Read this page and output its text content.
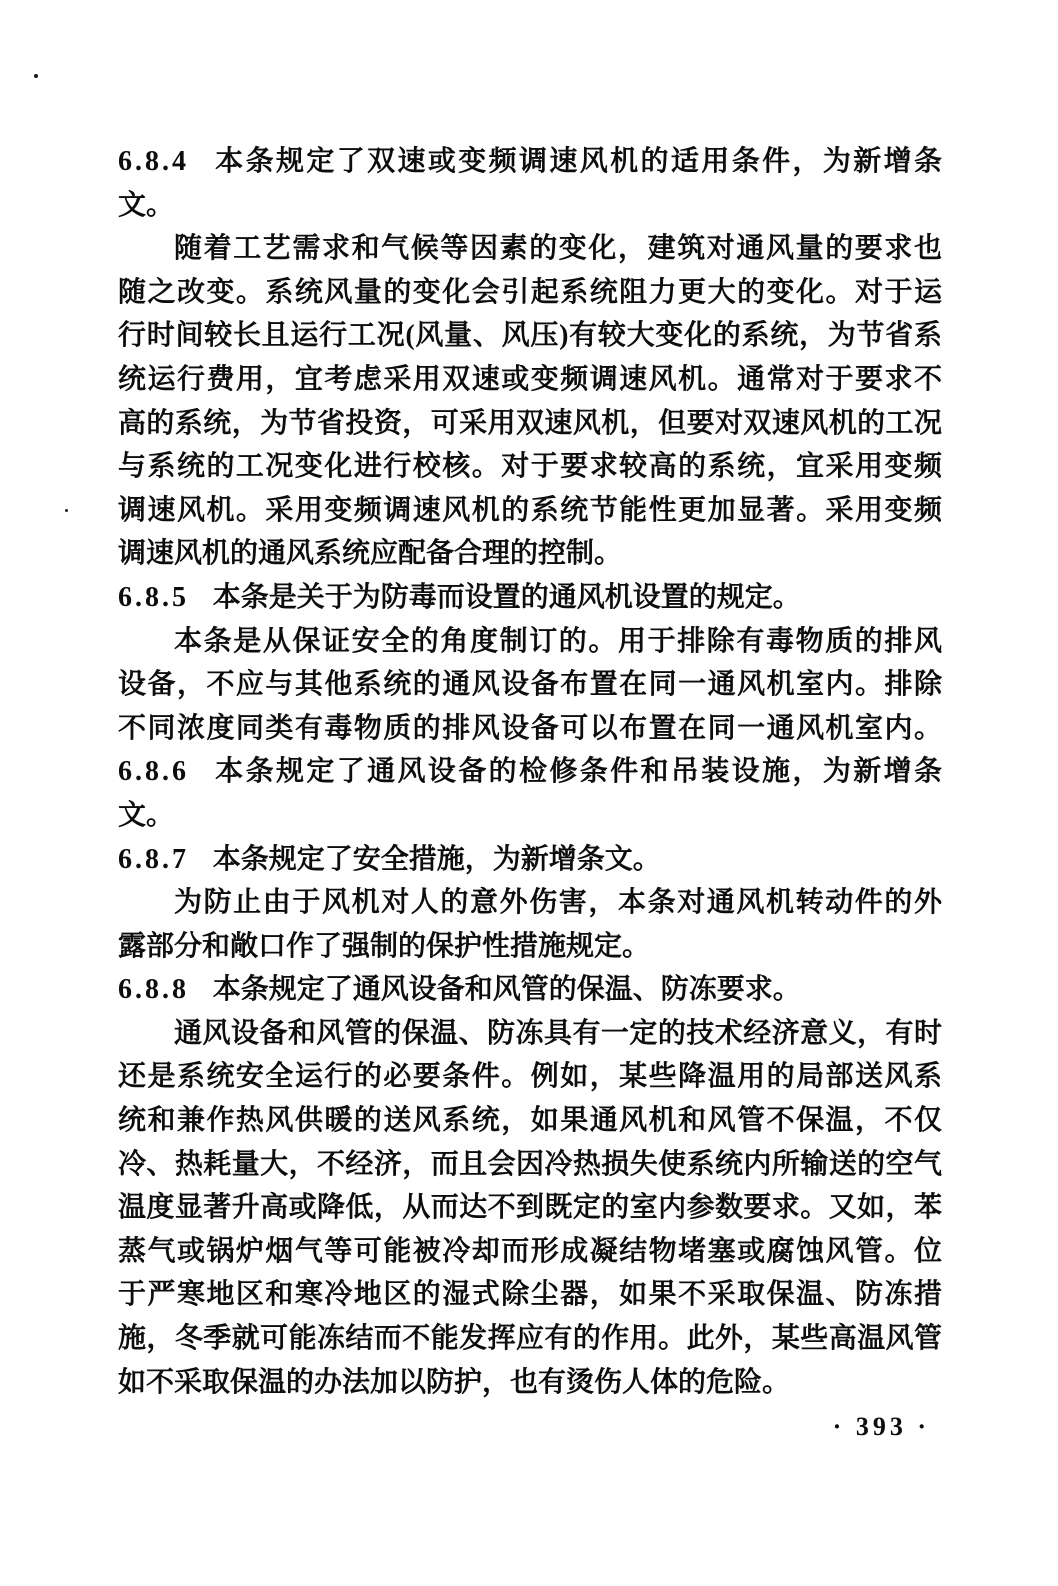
6.8.4 本条规定了双速或变频调速风机的适用条件，为新增条
文。
随着工艺需求和气候等因素的变化，建筑对通风量的要求也
随之改变。系统风量的变化会引起系统阻力更大的变化。对于运
行时间较长且运行工况(风量、风压)有较大变化的系统，为节省系
统运行费用，宜考虑采用双速或变频调速风机。通常对于要求不
高的系统，为节省投资，可采用双速风机，但要对双速风机的工况
与系统的工况变化进行校核。对于要求较高的系统，宜采用变频
调速风机。采用变频调速风机的系统节能性更加显著。采用变频
调速风机的通风系统应配备合理的控制。
6.8.5 本条是关于为防毒而设置的通风机设置的规定。
本条是从保证安全的角度制订的。用于排除有毒物质的排风
设备，不应与其他系统的通风设备布置在同一通风机室内。排除
不同浓度同类有毒物质的排风设备可以布置在同一通风机室内。
6.8.6 本条规定了通风设备的检修条件和吊装设施，为新增条
文。
6.8.7 本条规定了安全措施，为新增条文。
为防止由于风机对人的意外伤害，本条对通风机转动件的外
露部分和敞口作了强制的保护性措施规定。
6.8.8 本条规定了通风设备和风管的保温、防冻要求。
通风设备和风管的保温、防冻具有一定的技术经济意义，有时
还是系统安全运行的必要条件。例如，某些降温用的局部送风系
统和兼作热风供暖的送风系统，如果通风机和风管不保温，不仅
冷、热耗量大，不经济，而且会因冷热损失使系统内所输送的空气
温度显著升高或降低，从而达不到既定的室内参数要求。又如，苯
蒸气或锅炉烟气等可能被冷却而形成凝结物堵塞或腐蚀风管。位
于严寒地区和寒冷地区的湿式除尘器，如果不采取保温、防冻措
施，冬季就可能冻结而不能发挥应有的作用。此外，某些高温风管
如不采取保温的办法加以防护，也有烫伤人体的危险。
· 393 ·
